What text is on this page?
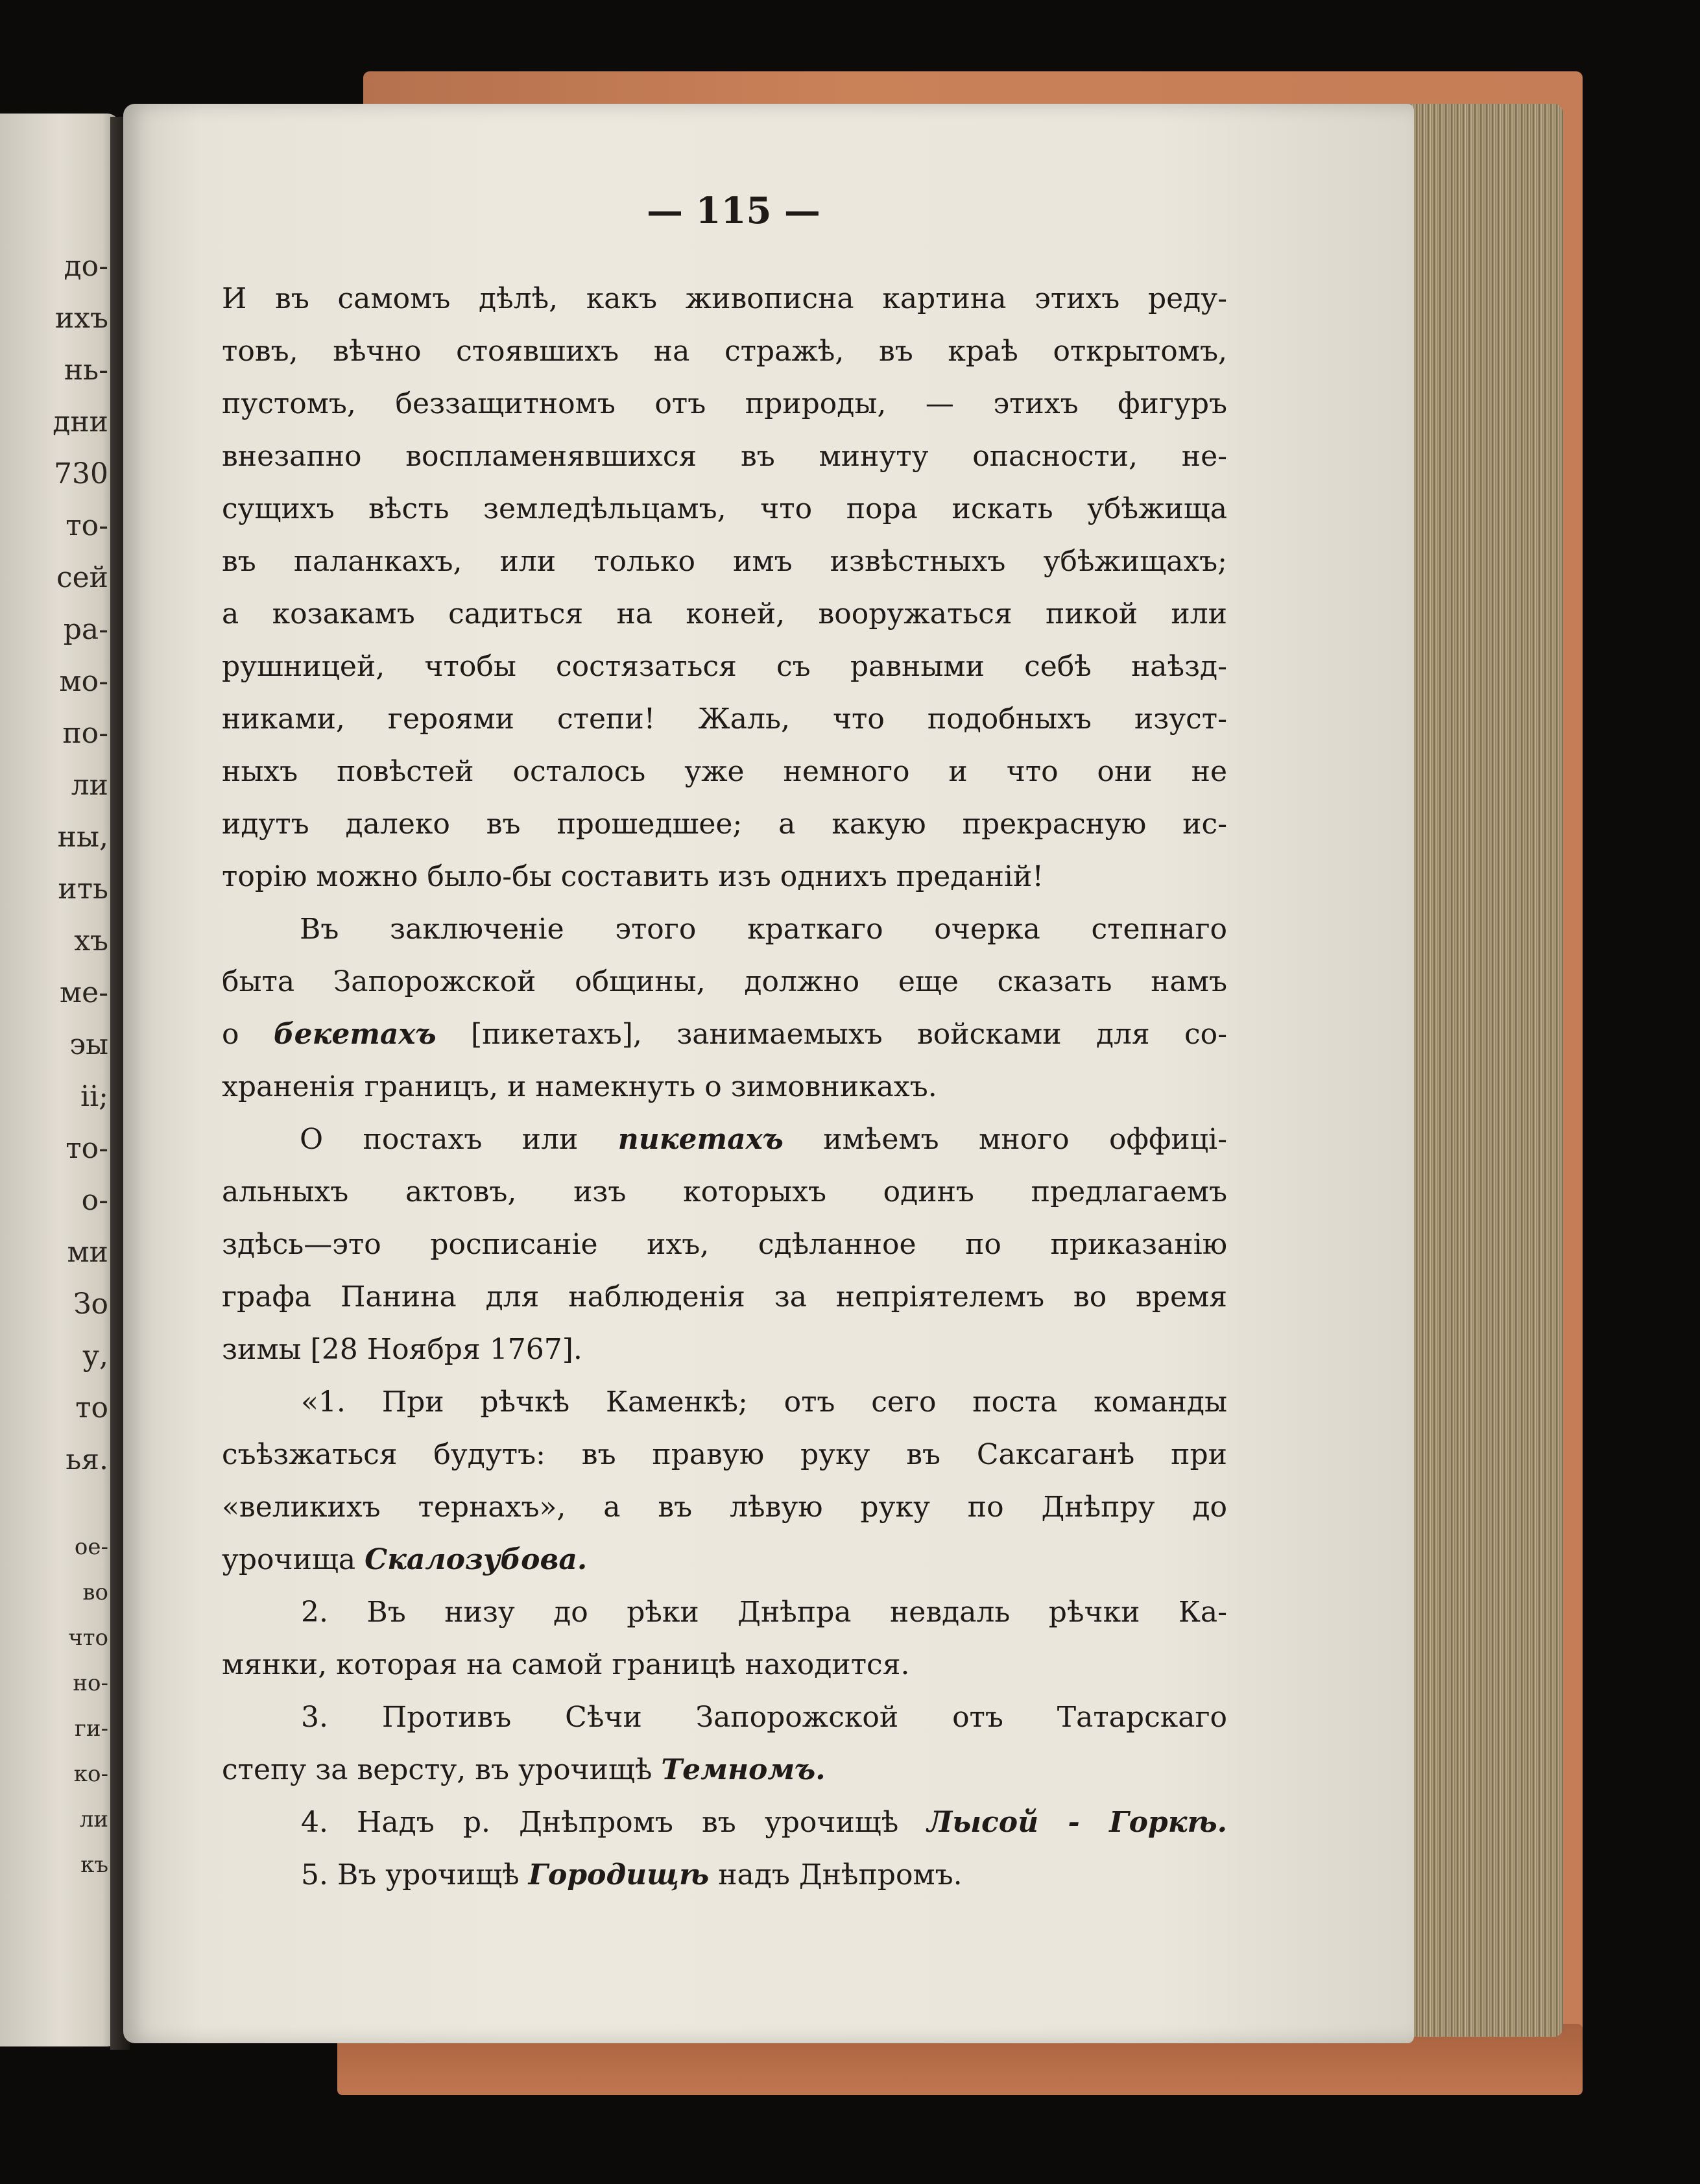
до-
ихъ
нь-
дни
730
то-
сей
ра-
мо-
по-
ли
ны,
ить
хъ
ме-
эы
ii;
то-
о-
ми
Зо
у,
то
ья.
ое-
во
что
но-
ги-
ко-
ли
къ
— 115 —
И въ самомъ дѣлѣ, какъ живописна картина этихъ реду-
товъ, вѣчно стоявшихъ на стражѣ, въ краѣ открытомъ,
пустомъ, беззащитномъ отъ природы, — этихъ фигуръ
внезапно воспламенявшихся въ минуту опасности, не-
сущихъ вѣсть земледѣльцамъ, что пора искать убѣжища
въ паланкахъ, или только имъ извѣстныхъ убѣжищахъ;
а козакамъ садиться на коней, вооружаться пикой или
рушницей, чтобы состязаться съ равными себѣ наѣзд-
никами, героями степи! Жаль, что подобныхъ изуст-
ныхъ повѣстей осталось уже немного и что они не
идутъ далеко въ прошедшее; а какую прекрасную ис-
торію можно было-бы составить изъ однихъ преданій!
Въ заключеніе этого краткаго очерка степнаго
быта Запорожской общины, должно еще сказать намъ
о бекетахъ [пикетахъ], занимаемыхъ войсками для со-
храненія границъ, и намекнуть о зимовникахъ.
О постахъ или пикетахъ имѣемъ много оффиці-
альныхъ актовъ, изъ которыхъ одинъ предлагаемъ
здѣсь—это росписаніе ихъ, сдѣланное по приказанію
графа Панина для наблюденія за непріятелемъ во время
зимы [28 Ноября 1767].
«1. При рѣчкѣ Каменкѣ; отъ сего поста команды
съѣзжаться будутъ: въ правую руку въ Саксаганѣ при
«великихъ тернахъ», а въ лѣвую руку по Днѣпру до
урочища Скалозубова.
2. Въ низу до рѣки Днѣпра невдаль рѣчки Ка-
мянки, которая на самой границѣ находится.
3. Противъ Сѣчи Запорожской отъ Татарскаго
степу за версту, въ урочищѣ Темномъ.
4. Надъ р. Днѣпромъ въ урочищѣ Лысой - Горкѣ.
5. Въ урочищѣ Городищѣ надъ Днѣпромъ.
